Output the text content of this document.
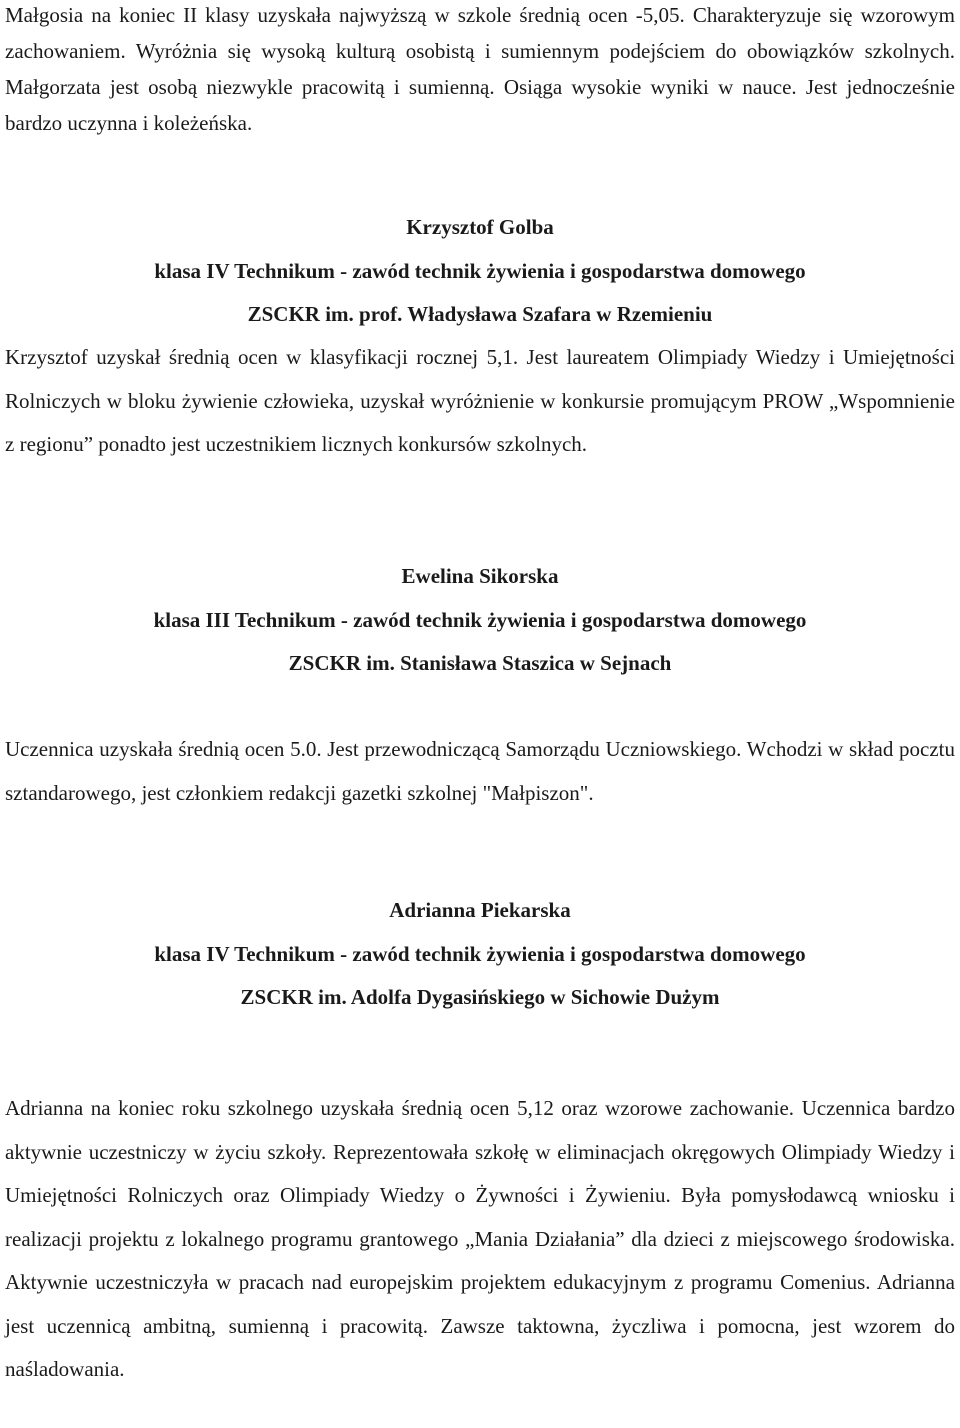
Małgosia na koniec II klasy uzyskała najwyższą w szkole średnią ocen -5,05. Charakteryzuje się wzorowym zachowaniem. Wyróżnia się wysoką kulturą osobistą i sumiennym podejściem do obowiązków szkolnych. Małgorzata jest osobą niezwykle pracowitą i sumienną. Osiąga wysokie wyniki w nauce. Jest jednocześnie bardzo uczynna i koleżeńska.

Krzysztof Golba
klasa IV Technikum - zawód technik żywienia i gospodarstwa domowego
ZSCKR im. prof. Władysława Szafara w Rzemieniu

Krzysztof uzyskał średnią ocen w klasyfikacji rocznej 5,1. Jest laureatem Olimpiady Wiedzy i Umiejętności Rolniczych w bloku żywienie człowieka, uzyskał wyróżnienie w konkursie promującym PROW „Wspomnienie z regionu” ponadto jest uczestnikiem licznych konkursów szkolnych.

Ewelina Sikorska
klasa III Technikum - zawód technik żywienia i gospodarstwa domowego
ZSCKR im. Stanisława Staszica w Sejnach

Uczennica uzyskała średnią ocen 5.0. Jest przewodniczącą Samorządu Uczniowskiego. Wchodzi w skład pocztu sztandarowego, jest członkiem redakcji gazetki szkolnej "Małpiszon".

Adrianna Piekarska
klasa IV Technikum - zawód technik żywienia i gospodarstwa domowego
ZSCKR im. Adolfa Dygasińskiego w Sichowie Dużym

Adrianna na koniec roku szkolnego uzyskała średnią ocen 5,12 oraz wzorowe zachowanie. Uczennica bardzo aktywnie uczestniczy w życiu szkoły. Reprezentowała szkołę w eliminacjach okręgowych Olimpiady Wiedzy i Umiejętności Rolniczych oraz Olimpiady Wiedzy o Żywności i Żywieniu. Była pomysłodawcą wniosku i realizacji projektu z lokalnego programu grantowego „Mania Działania” dla dzieci z miejscowego środowiska. Aktywnie uczestniczyła w pracach nad europejskim projektem edukacyjnym z programu Comenius. Adrianna jest uczennicą ambitną, sumienną i pracowitą. Zawsze taktowna, życzliwa i pomocna, jest wzorem do naśladowania.
